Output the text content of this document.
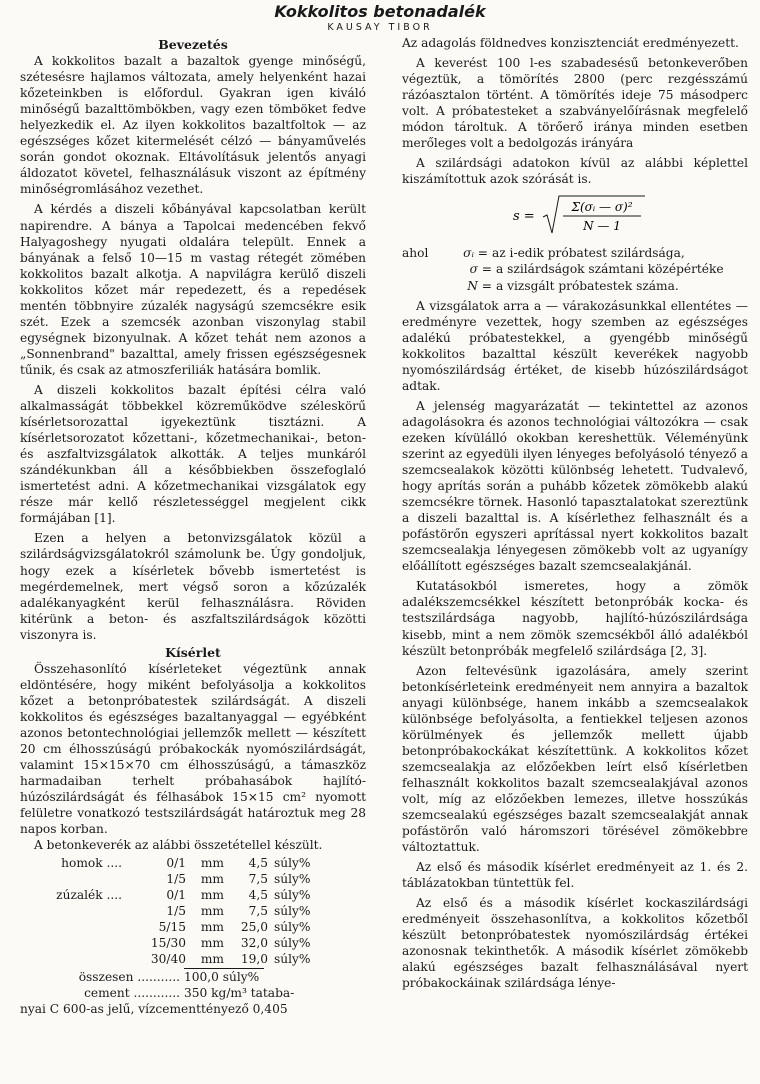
Kokkolitos betonadalék
KAUSAY TIBOR
Bevezetés

A kokkolitos bazalt a bazaltok gyenge minőségű, szétesésre hajlamos változata, amely helyenként hazai kőzeteinkben is előfordul. Gyakran igen kiváló minőségű bazalttömbökben, vagy ezen tömböket fedve helyezkedik el. Az ilyen kokkolitos bazaltfoltok — az egészséges kőzet kitermelését célzó — bányaművelés során gondot okoznak. Eltávolításuk jelentős anyagi áldozatot követel, felhasználásuk viszont az építmény minőségromlásához vezethet.

A kérdés a diszeli kőbányával kapcsolatban került napirendre. A bánya a Tapolcai medencében fekvő Halyagoshegy nyugati oldalára települt. Ennek a bányának a felső 10—15 m vastag rétegét zömében kokkolitos bazalt alkotja. A napvilágra kerülő diszeli kokkolitos kőzet már repedezett, és a repedések mentén többnyire zúzalék nagyságú szemcsékre esik szét. Ezek a szemcsék azonban viszonylag stabil egységnek bizonyulnak. A kőzet tehát nem azonos a „Sonnenbrand" bazalttal, amely frissen egészségesnek tűnik, és csak az atmoszferiliák hatására bomlik.

A diszeli kokkolitos bazalt építési célra való alkalmasságát többekkel közreműködve széleskörű kísérletsorozattal igyekeztünk tisztázni. A kísérletsorozatot kőzettani-, kőzetmechanikai-, beton- és aszfaltvizsgálatok alkották. A teljes munkáról szándékunkban áll a későbbiekben összefoglaló ismertetést adni. A kőzetmechanikai vizsgálatok egy része már kellő részletességgel megjelent cikk formájában [1].

Ezen a helyen a betonvizsgálatok közül a szilárdságvizsgálatokról számolunk be. Úgy gondoljuk, hogy ezek a kísérletek bővebb ismertetést is megérdemelnek, mert végső soron a kőzúzalék adalékanyagként kerül felhasználásra. Röviden kitérünk a beton- és aszfaltszilárdságok közötti viszonyra is.

Kísérlet

Összehasonlító kísérleteket végeztünk annak eldöntésére, hogy miként befolyásolja a kokkolitos kőzet a betonpróbatestek szilárdságát. A diszeli kokkolitos és egészséges bazaltanyaggal — egyébként azonos betontechnológiai jellemzők mellett — készített 20 cm élhosszúságú próbakockák nyomószilárdságát, valamint 15×15×70 cm élhosszúságú, a támaszköz harmadaiban terhelt próbahasábok hajlító-húzószilárdságát és félhasábok 15×15 cm² nyomott felületre vonatkozó testszilárdságát határoztuk meg 28 napos korban.

A betonkeverék az alábbi összetétellel készült.

homok ....	0/1	mm	4,5 súly%
1/5	mm	7,5 súly%
zúzalék ....	0/1	mm	4,5 súly%
1/5	mm	7,5 súly%
5/15	mm	25,0 súly%
15/30	mm	32,0 súly%
30/40	mm	19,0 súly%
összesen ........... 100,0 súly%
cement ............ 350 kg/m³ tataba-
nyai C 600-as jelű, vízcementtényező 0,405

Az adagolás földnedves konzisztenciát eredményezett.

A keverést 100 l-es szabadesésű betonkeverőben végeztük, a tömörítés 2800 (perc rezgésszámú rázóasztalon történt. A tömörítés ideje 75 másodperc volt. A próbatesteket a szabványelőírásnak megfelelő módon tároltuk. A törőerő iránya minden esetben merőleges volt a bedolgozás irányára

A szilárdsági adatokon kívül az alábbi képlettel kiszámítottuk azok szórását is.

s =
Σ(σᵢ — σ)²
N — 1
ahol	σᵢ = az i-edik próbatest szilárdsága,
σ = a szilárdságok számtani középértéke
N = a vizsgált próbatestek száma.

A vizsgálatok arra a — várakozásunkkal ellentétes — eredményre vezettek, hogy szemben az egészséges adalékú próbatestekkel, a gyengébb minőségű kokkolitos bazalttal készült keverékek nagyobb nyomószilárdság értéket, de kisebb húzószilárdságot adtak.

A jelenség magyarázatát — tekintettel az azonos adagolásokra és azonos technológiai változókra — csak ezeken kívülálló okokban kereshettük. Véleményünk szerint az egyedüli ilyen lényeges befolyásoló tényező a szemcsealakok közötti különbség lehetett. Tudvalevő, hogy aprítás során a puhább kőzetek zömökebb alakú szemcsékre törnek. Hasonló tapasztalatokat szereztünk a diszeli bazalttal is. A kísérlethez felhasznált és a pofástörőn egyszeri aprítással nyert kokkolitos bazalt szemcsealakja lényegesen zömökebb volt az ugyanígy előállított egészséges bazalt szemcsealakjánál.

Kutatásokból ismeretes, hogy a zömök adalékszemcsékkel készített betonpróbák kocka- és testszilárdsága nagyobb, hajlító-húzószilárdsága kisebb, mint a nem zömök szemcsékből álló adalékból készült betonpróbák megfelelő szilárdsága [2, 3].

Azon feltevésünk igazolására, amely szerint betonkísérleteink eredményeit nem annyira a bazaltok anyagi különbsége, hanem inkább a szemcsealakok különbsége befolyásolta, a fentiekkel teljesen azonos körülmények és jellemzők mellett újabb betonpróbakockákat készítettünk. A kokkolitos kőzet szemcsealakja az előzőekben leírt első kísérletben felhasznált kokkolitos bazalt szemcsealakjával azonos volt, míg az előzőekben lemezes, illetve hosszúkás szemcsealakú egészséges bazalt szemcsealakját annak pofástörőn való háromszori törésével zömökebbre változtattuk.

Az első és második kísérlet eredményeit az 1. és 2. táblázatokban tüntettük fel.

Az első és a második kísérlet kockaszilárdsági eredményeit összehasonlítva, a kokkolitos kőzetből készült betonpróbatestek nyomószilárdság értékei azonosnak tekinthetők. A második kísérlet zömökebb alakú egészséges bazalt felhasználásával nyert próbakockáinak szilárdsága lénye-
